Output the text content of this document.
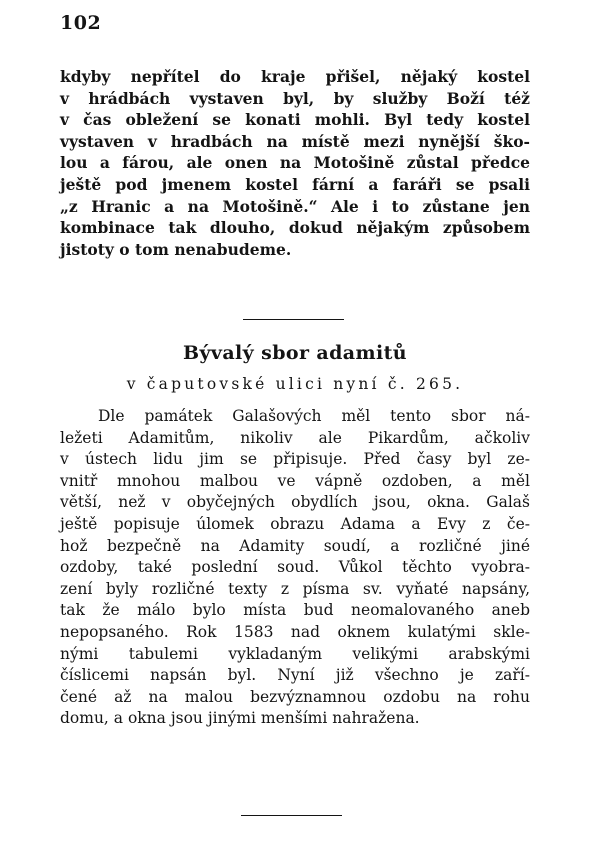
102

kdyby nepřítel do kraje přišel, nějaký kostel
v hrádbách vystaven byl, by služby Boží též
v čas obležení se konati mohli. Byl tedy kostel
vystaven v hradbách na místě mezi nynější ško-
lou a fárou, ale onen na Motošině zůstal předce
ještě pod jmenem kostel fární a faráři se psali
„z Hranic a na Motošině.“ Ale i to zůstane jen
kombinace tak dlouho, dokud nějakým způsobem
jistoty o tom nenabudeme.
Bývalý sbor adamitů

v čaputovské ulici nyní č. 265.

Dle památek Galašových měl tento sbor ná-
ležeti Adamitům, nikoliv ale Pikardům, ačkoliv
v ústech lidu jim se připisuje. Před časy byl ze-
vnitř mnohou malbou ve vápně ozdoben, a měl
větší, než v obyčejných obydlích jsou, okna. Galaš
ještě popisuje úlomek obrazu Adama a Evy z če-
hož bezpečně na Adamity soudí, a rozličné jiné
ozdoby, také poslední soud. Vůkol těchto vyobra-
zení byly rozličné texty z písma sv. vyňaté napsány,
tak že málo bylo místa bud neomalovaného aneb
nepopsaného. Rok 1583 nad oknem kulatými skle-
nými tabulemi vykladaným velikými arabskými
číslicemi napsán byl. Nyní již všechno je zaří-
čené až na malou bezvýznamnou ozdobu na rohu
domu, a okna jsou jinými menšími nahražena.
